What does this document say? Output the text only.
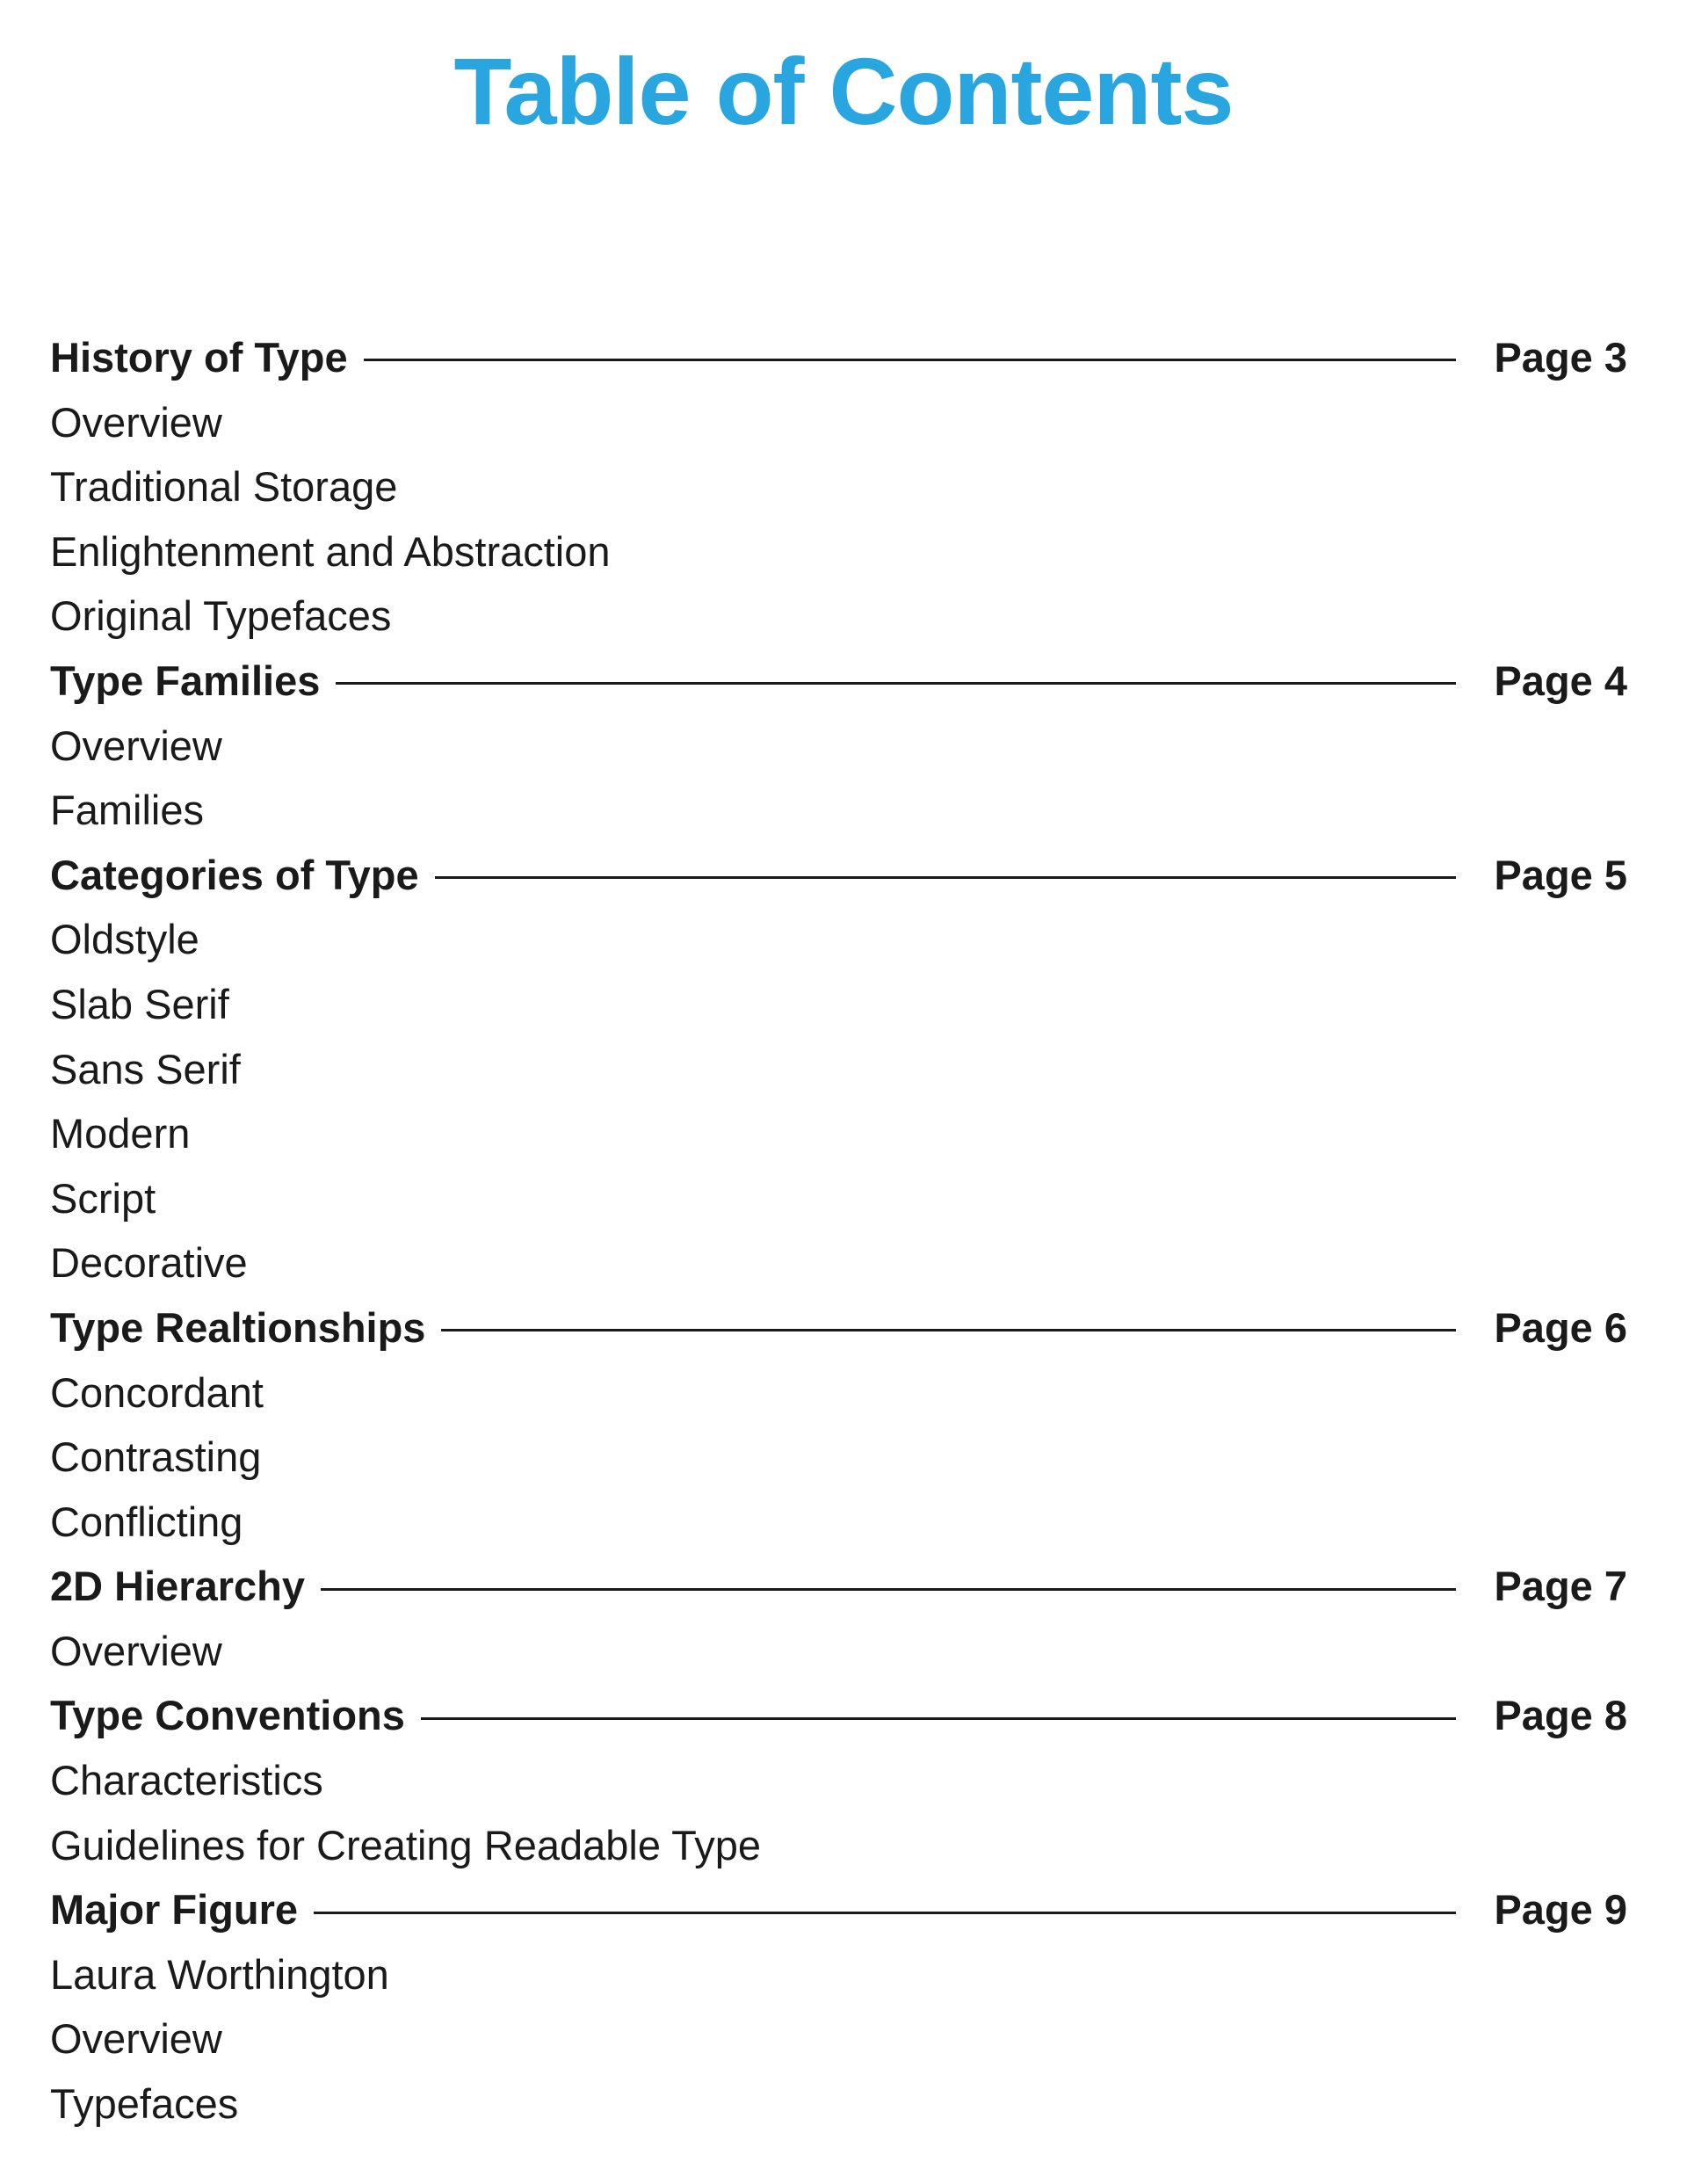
Table of Contents
History of Type	Page 3
Overview
Traditional Storage
Enlightenment and Abstraction
Original Typefaces
Type Families	Page 4
Overview
Families
Categories of Type	Page 5
Oldstyle
Slab Serif
Sans Serif
Modern
Script
Decorative
Type Realtionships	Page 6
Concordant
Contrasting
Conflicting
2D Hierarchy	Page 7
Overview
Type Conventions	Page 8
Characteristics
Guidelines for Creating Readable Type
Major Figure	Page 9
Laura Worthington
Overview
Typefaces
